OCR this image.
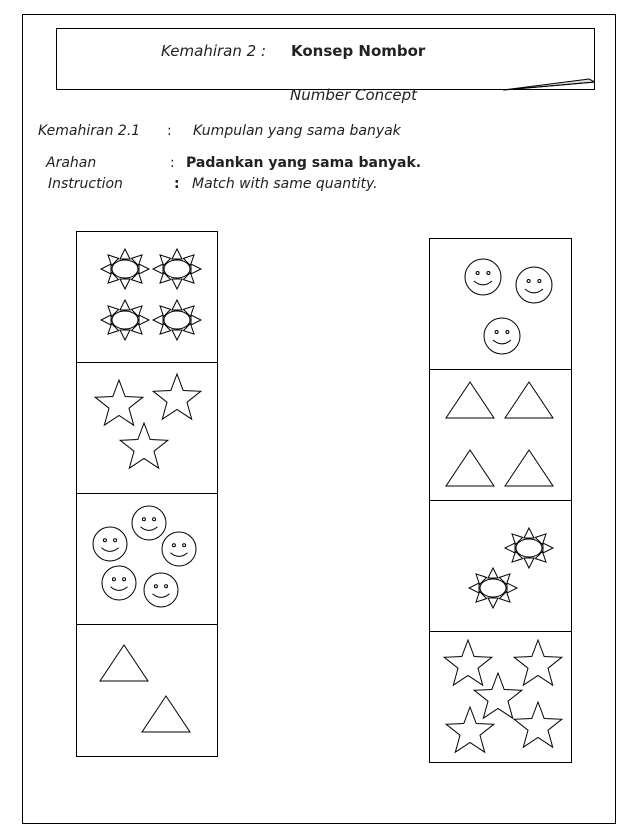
Kemahiran 2 : Konsep Nombor
Number Concept
Kemahiran 2.1 : Kumpulan yang sama banyak
Arahan	: Padankan yang sama banyak.
Instruction	: Match with same quantity.
